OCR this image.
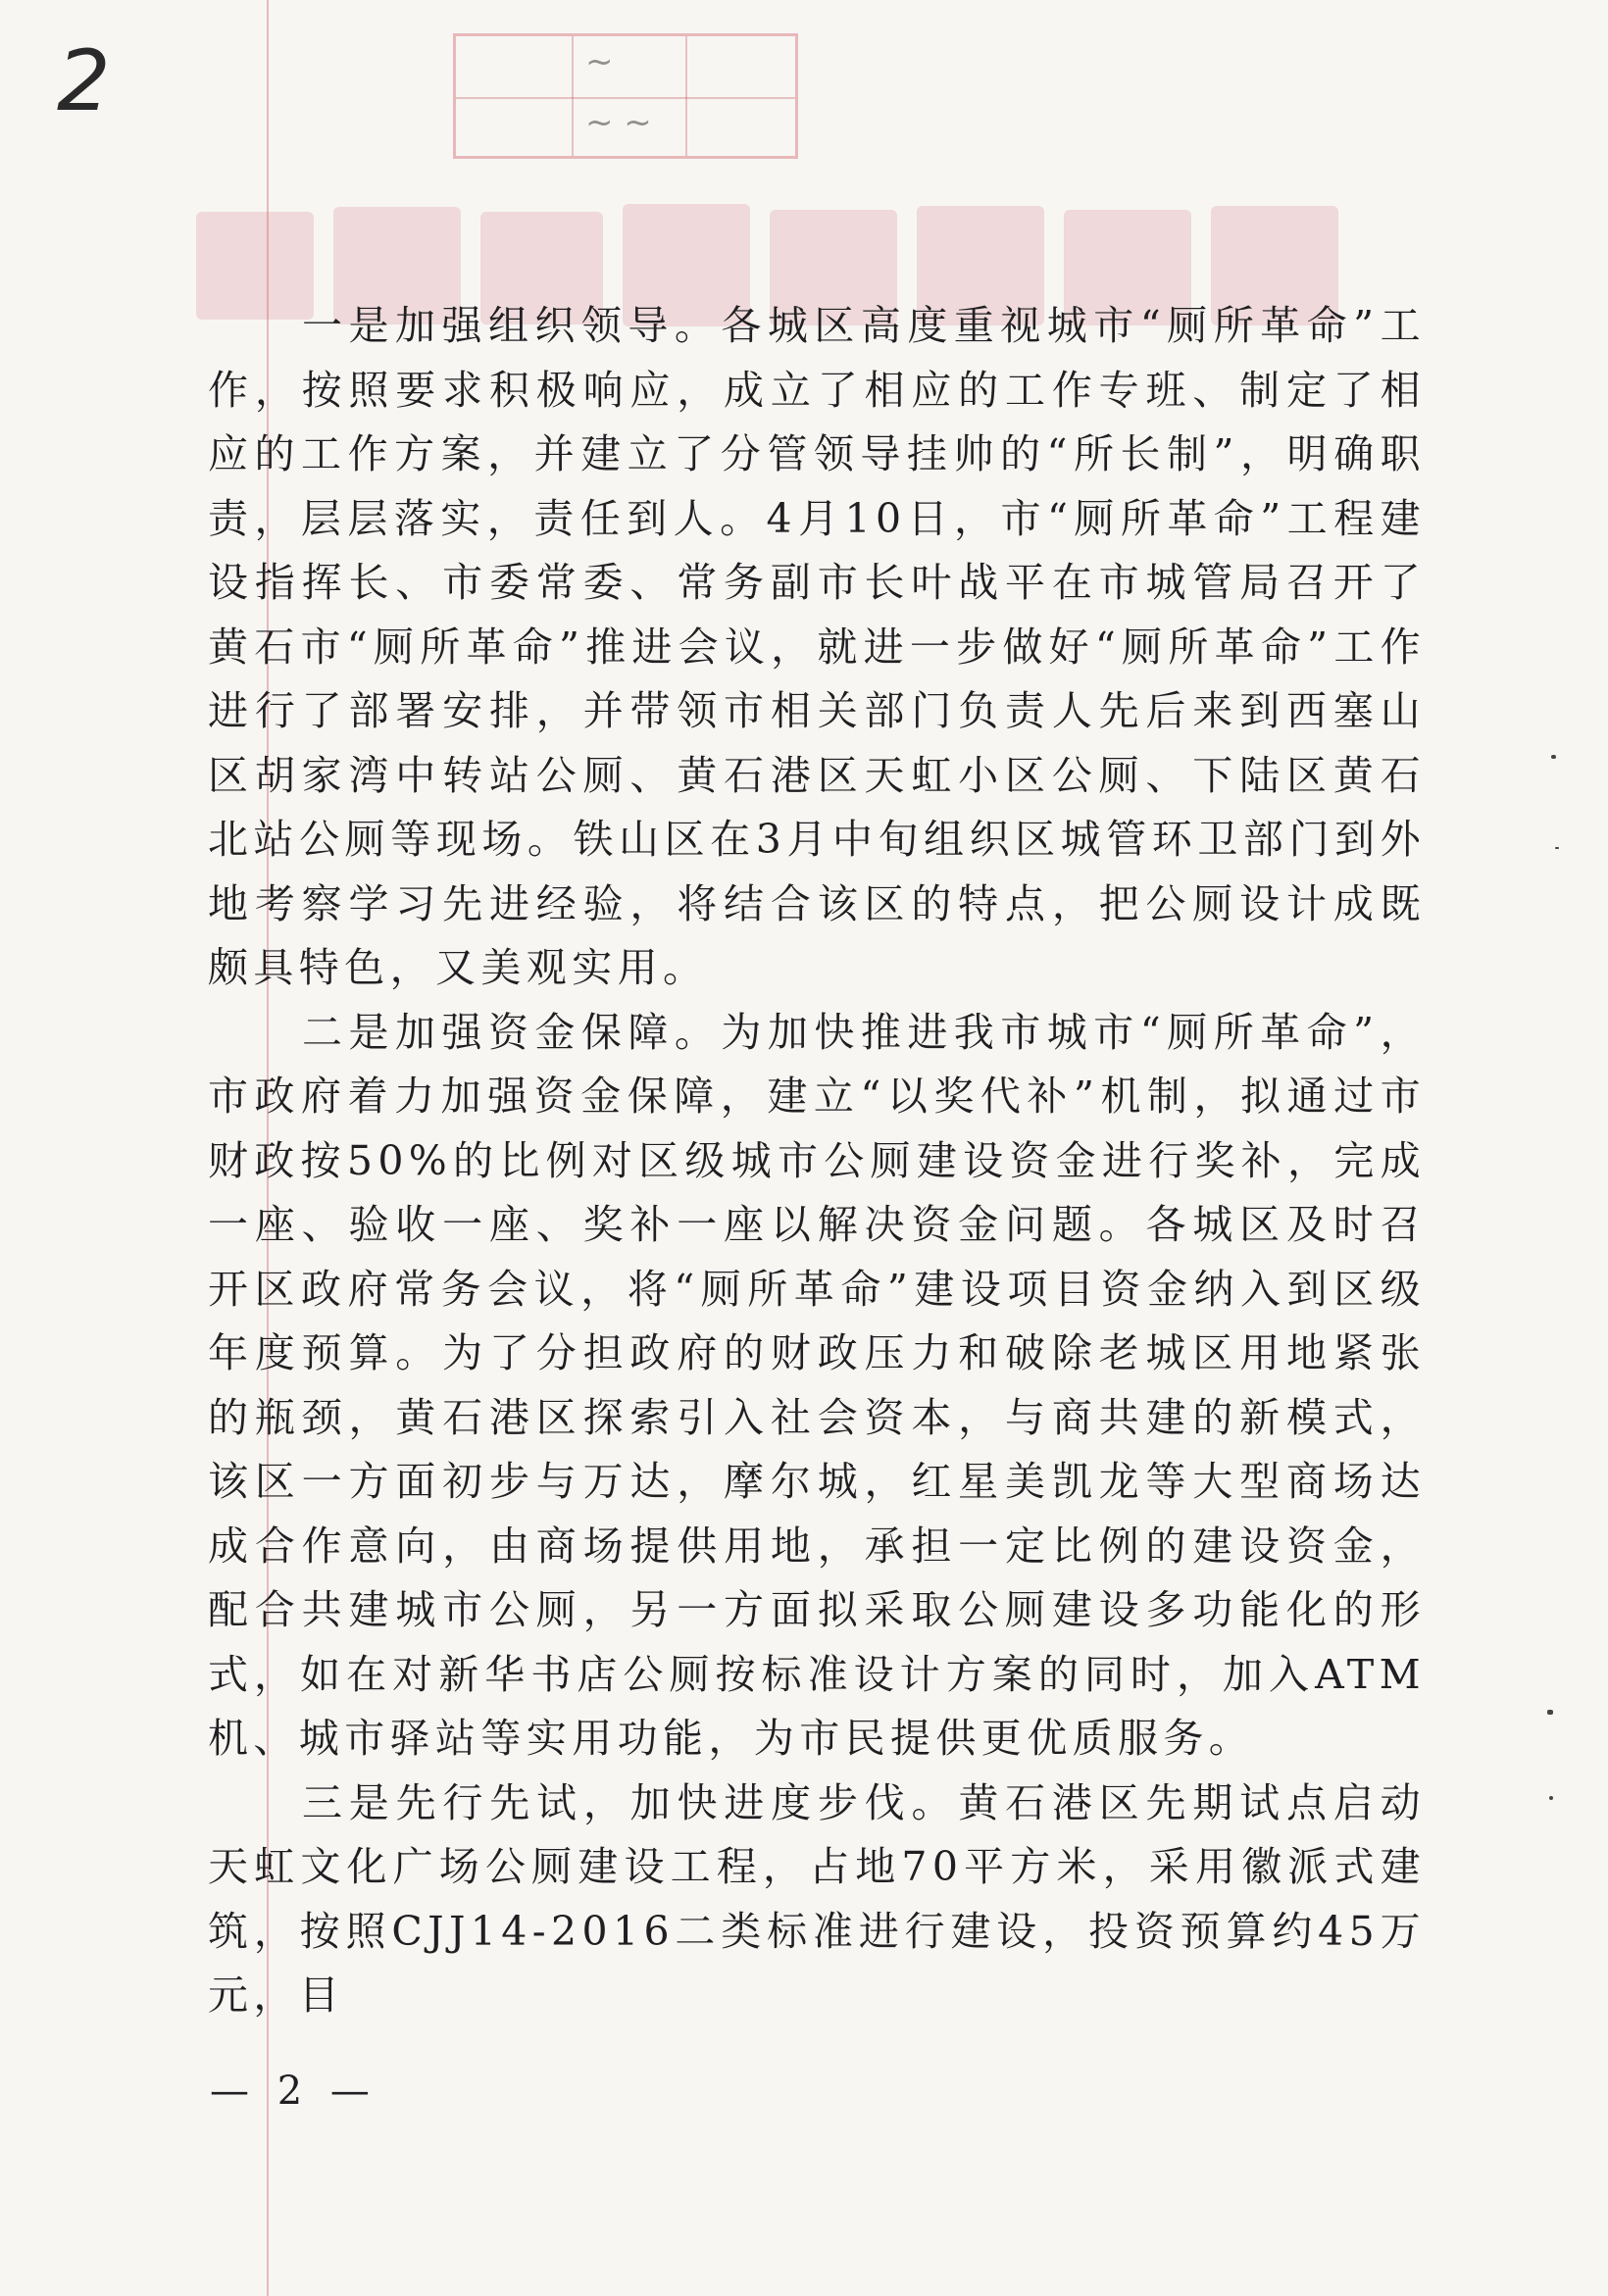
2	~
~ ~

一是加强组织领导。各城区高度重视城市“厕所革命”工作，按照要求积极响应，成立了相应的工作专班、制定了相应的工作方案，并建立了分管领导挂帅的“所长制”，明确职责，层层落实，责任到人。4月10日，市“厕所革命”工程建设指挥长、市委常委、常务副市长叶战平在市城管局召开了黄石市“厕所革命”推进会议，就进一步做好“厕所革命”工作进行了部署安排，并带领市相关部门负责人先后来到西塞山区胡家湾中转站公厕、黄石港区天虹小区公厕、下陆区黄石北站公厕等现场。铁山区在3月中旬组织区城管环卫部门到外地考察学习先进经验，将结合该区的特点，把公厕设计成既颇具特色，又美观实用。

二是加强资金保障。为加快推进我市城市“厕所革命”，市政府着力加强资金保障，建立“以奖代补”机制，拟通过市财政按50%的比例对区级城市公厕建设资金进行奖补，完成一座、验收一座、奖补一座以解决资金问题。各城区及时召开区政府常务会议，将“厕所革命”建设项目资金纳入到区级年度预算。为了分担政府的财政压力和破除老城区用地紧张的瓶颈，黄石港区探索引入社会资本，与商共建的新模式，该区一方面初步与万达，摩尔城，红星美凯龙等大型商场达成合作意向，由商场提供用地，承担一定比例的建设资金，配合共建城市公厕，另一方面拟采取公厕建设多功能化的形式，如在对新华书店公厕按标准设计方案的同时，加入ATM机、城市驿站等实用功能，为市民提供更优质服务。

三是先行先试，加快进度步伐。黄石港区先期试点启动天虹文化广场公厕建设工程，占地70平方米，采用徽派式建筑，按照CJJ14-2016二类标准进行建设，投资预算约45万元，目

— 2 —
